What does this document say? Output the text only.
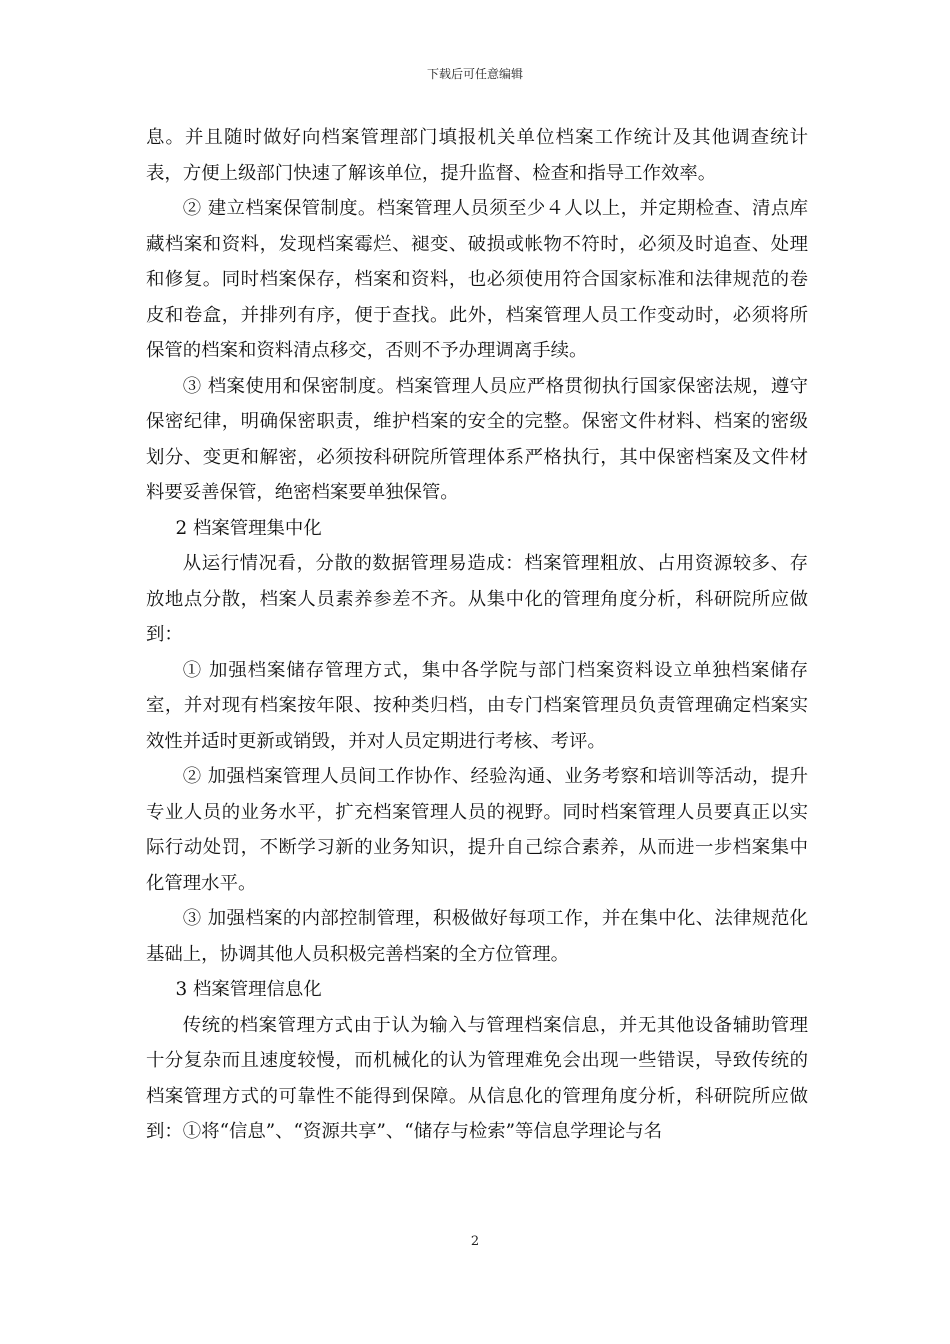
下载后可任意编辑

息。并且随时做好向档案管理部门填报机关单位档案工作统计及其他调查统计表，方便上级部门快速了解该单位，提升监督、检查和指导工作效率。

② 建立档案保管制度。档案管理人员须至少４人以上，并定期检查、清点库藏档案和资料，发现档案霉烂、褪变、破损或帐物不符时，必须及时追查、处理和修复。同时档案保存，档案和资料，也必须使用符合国家标准和法律规范的卷皮和卷盒，并排列有序，便于查找。此外，档案管理人员工作变动时，必须将所保管的档案和资料清点移交，否则不予办理调离手续。

③ 档案使用和保密制度。档案管理人员应严格贯彻执行国家保密法规，遵守保密纪律，明确保密职责，维护档案的安全的完整。保密文件材料、档案的密级划分、变更和解密，必须按科研院所管理体系严格执行，其中保密档案及文件材料要妥善保管，绝密档案要单独保管。

2 档案管理集中化

从运行情况看，分散的数据管理易造成：档案管理粗放、占用资源较多、存放地点分散，档案人员素养参差不齐。从集中化的管理角度分析，科研院所应做到：

① 加强档案储存管理方式，集中各学院与部门档案资料设立单独档案储存室，并对现有档案按年限、按种类归档，由专门档案管理员负责管理确定档案实效性并适时更新或销毁，并对人员定期进行考核、考评。

② 加强档案管理人员间工作协作、经验沟通、业务考察和培训等活动，提升专业人员的业务水平，扩充档案管理人员的视野。同时档案管理人员要真正以实际行动处罚，不断学习新的业务知识，提升自己综合素养，从而进一步档案集中化管理水平。

③ 加强档案的内部控制管理，积极做好每项工作，并在集中化、法律规范化基础上，协调其他人员积极完善档案的全方位管理。

3 档案管理信息化

传统的档案管理方式由于认为输入与管理档案信息，并无其他设备辅助管理十分复杂而且速度较慢，而机械化的认为管理难免会出现一些错误，导致传统的档案管理方式的可靠性不能得到保障。从信息化的管理角度分析，科研院所应做到：①将“信息”、“资源共享”、“储存与检索”等信息学理论与名

2
